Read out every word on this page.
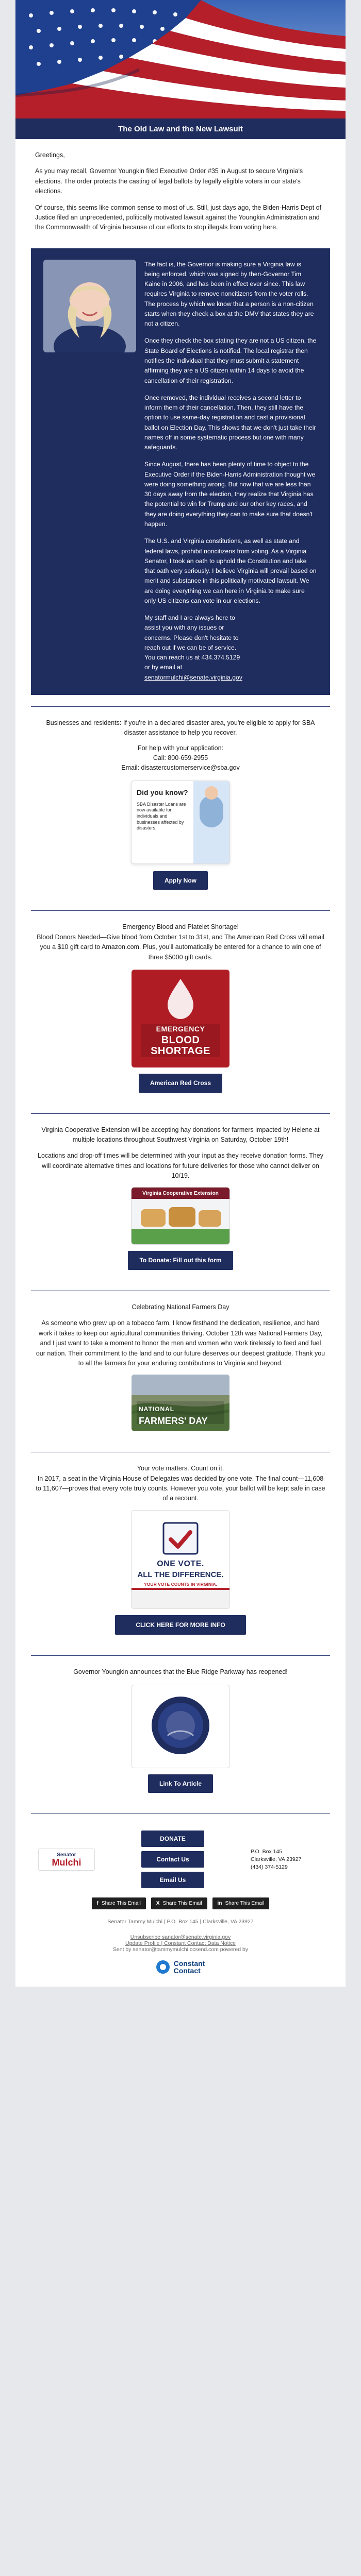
The Old Law and the New Lawsuit

Greetings,

As you may recall, Governor Youngkin filed Executive Order #35 in August to secure Virginia's elections. The order protects the casting of legal ballots by legally eligible voters in our state's elections.

Of course, this seems like common sense to most of us. Still, just days ago, the Biden-Harris Dept of Justice filed an unprecedented, politically motivated lawsuit against the Youngkin Administration and the Commonwealth of Virginia because of our efforts to stop illegals from voting here.

The fact is, the Governor is making sure a Virginia law is being enforced, which was signed by then-Governor Tim Kaine in 2006, and has been in effect ever since. This law requires Virginia to remove noncitizens from the voter rolls. The process by which we know that a person is a non-citizen starts when they check a box at the DMV that states they are not a citizen.

Once they check the box stating they are not a US citizen, the State Board of Elections is notified. The local registrar then notifies the individual that they must submit a statement affirming they are a US citizen within 14 days to avoid the cancellation of their registration.

Once removed, the individual receives a second letter to inform them of their cancellation. Then, they still have the option to use same-day registration and cast a provisional ballot on Election Day. This shows that we don't just take their names off in some systematic process but one with many safeguards.

Since August, there has been plenty of time to object to the Executive Order if the Biden-Harris Administration thought we were doing something wrong. But now that we are less than 30 days away from the election, they realize that Virginia has the potential to win for Trump and our other key races, and they are doing everything they can to make sure that doesn't happen.

The U.S. and Virginia constitutions, as well as state and federal laws, prohibit noncitizens from voting. As a Virginia Senator, I took an oath to uphold the Constitution and take that oath very seriously. I believe Virginia will prevail based on merit and substance in this politically motivated lawsuit. We are doing everything we can here in Virginia to make sure only US citizens can vote in our elections.

My staff and I are always here to
assist you with any issues or
concerns. Please don't hesitate to
reach out if we can be of service.
You can reach us at 434.374.5129
or by email at
senatormulchi@senate.virginia.gov

Businesses and residents: If you're in a declared disaster area, you're eligible to apply for SBA disaster assistance to help you recover.

For help with your application:
Call: 800-659-2955
Email: disastercustomerservice@sba.gov
Did you know?
SBA Disaster Loans are now available for individuals and businesses affected by disasters.
Apply Now
Emergency Blood and Platelet Shortage!
Blood Donors Needed—Give blood from October 1st to 31st, and The American Red Cross will email you a $10 gift card to Amazon.com. Plus, you'll automatically be entered for a chance to win one of three $5000 gift cards.
EMERGENCY
BLOOD
SHORTAGE
American Red Cross

Virginia Cooperative Extension will be accepting hay donations for farmers impacted by Helene at multiple locations throughout Southwest Virginia on Saturday, October 19th!

Locations and drop-off times will be determined with your input as they receive donation forms. They will coordinate alternative times and locations for future deliveries for those who cannot deliver on 10/19.

Virginia Cooperative Extension
To Donate: Fill out this form
Celebrating National Farmers Day

As someone who grew up on a tobacco farm, I know firsthand the dedication, resilience, and hard work it takes to keep our agricultural communities thriving. October 12th was National Farmers Day, and I just want to take a moment to honor the men and women who work tirelessly to feed and fuel our nation. Their commitment to the land and to our future deserves our deepest gratitude. Thank you to all the farmers for your enduring contributions to Virginia and beyond.

NATIONAL
FARMERS' DAY
Your vote matters. Count on it.
In 2017, a seat in the Virginia House of Delegates was decided by one vote. The final count—11,608 to 11,607—proves that every vote truly counts. However you vote, your ballot will be kept safe in case of a recount.
ONE VOTE.
ALL THE DIFFERENCE.
YOUR VOTE COUNTS IN VIRGINIA.
CLICK HERE FOR MORE INFO
Governor Youngkin announces that the Blue Ridge Parkway has reopened!
Link To Article
Senator
Mulchi
DONATE
Contact Us
Email Us
P.O. Box 145
Clarksville, VA 23927
(434) 374-5129
f Share This Email	X Share This Email	in Share This Email
Senator Tammy Mulchi | P.O. Box 145 | Clarksville, VA 23927
Unsubscribe sanator@senate.virginia.gov
Update Profile | Constant Contact Data Notice
Sent by senator@tammymulchi.ccsend.com powered by
Constant
Contact
